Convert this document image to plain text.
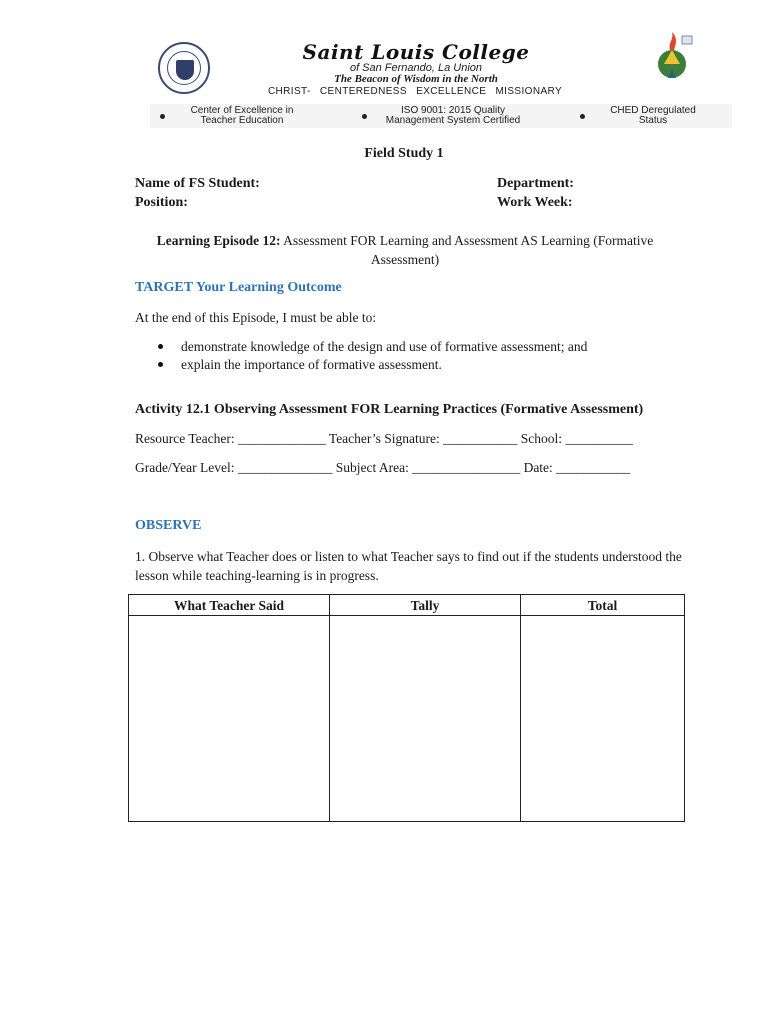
Saint Louis College
of San Fernando, La Union
The Beacon of Wisdom in the North
CHRIST- CENTEREDNESS EXCELLENCE MISSIONARY
Center of Excellence in
Teacher Education
ISO 9001: 2015 Quality
Management System Certified
CHED Deregulated
Status
Field Study 1
Name of FS Student:
Position:
Department:
Work Week:
Learning Episode 12: Assessment FOR Learning and Assessment AS Learning (Formative Assessment)
TARGET Your Learning Outcome
At the end of this Episode, I must be able to:
demonstrate knowledge of the design and use of formative assessment; and
explain the importance of formative assessment.
Activity 12.1 Observing Assessment FOR Learning Practices (Formative Assessment)
Resource Teacher: _____________ Teacher’s Signature: ___________ School: __________
Grade/Year Level: ______________ Subject Area: ________________ Date: ___________
OBSERVE
1. Observe what Teacher does or listen to what Teacher says to find out if the students understood the lesson while teaching-learning is in progress.
What Teacher Said	Tally	Total
